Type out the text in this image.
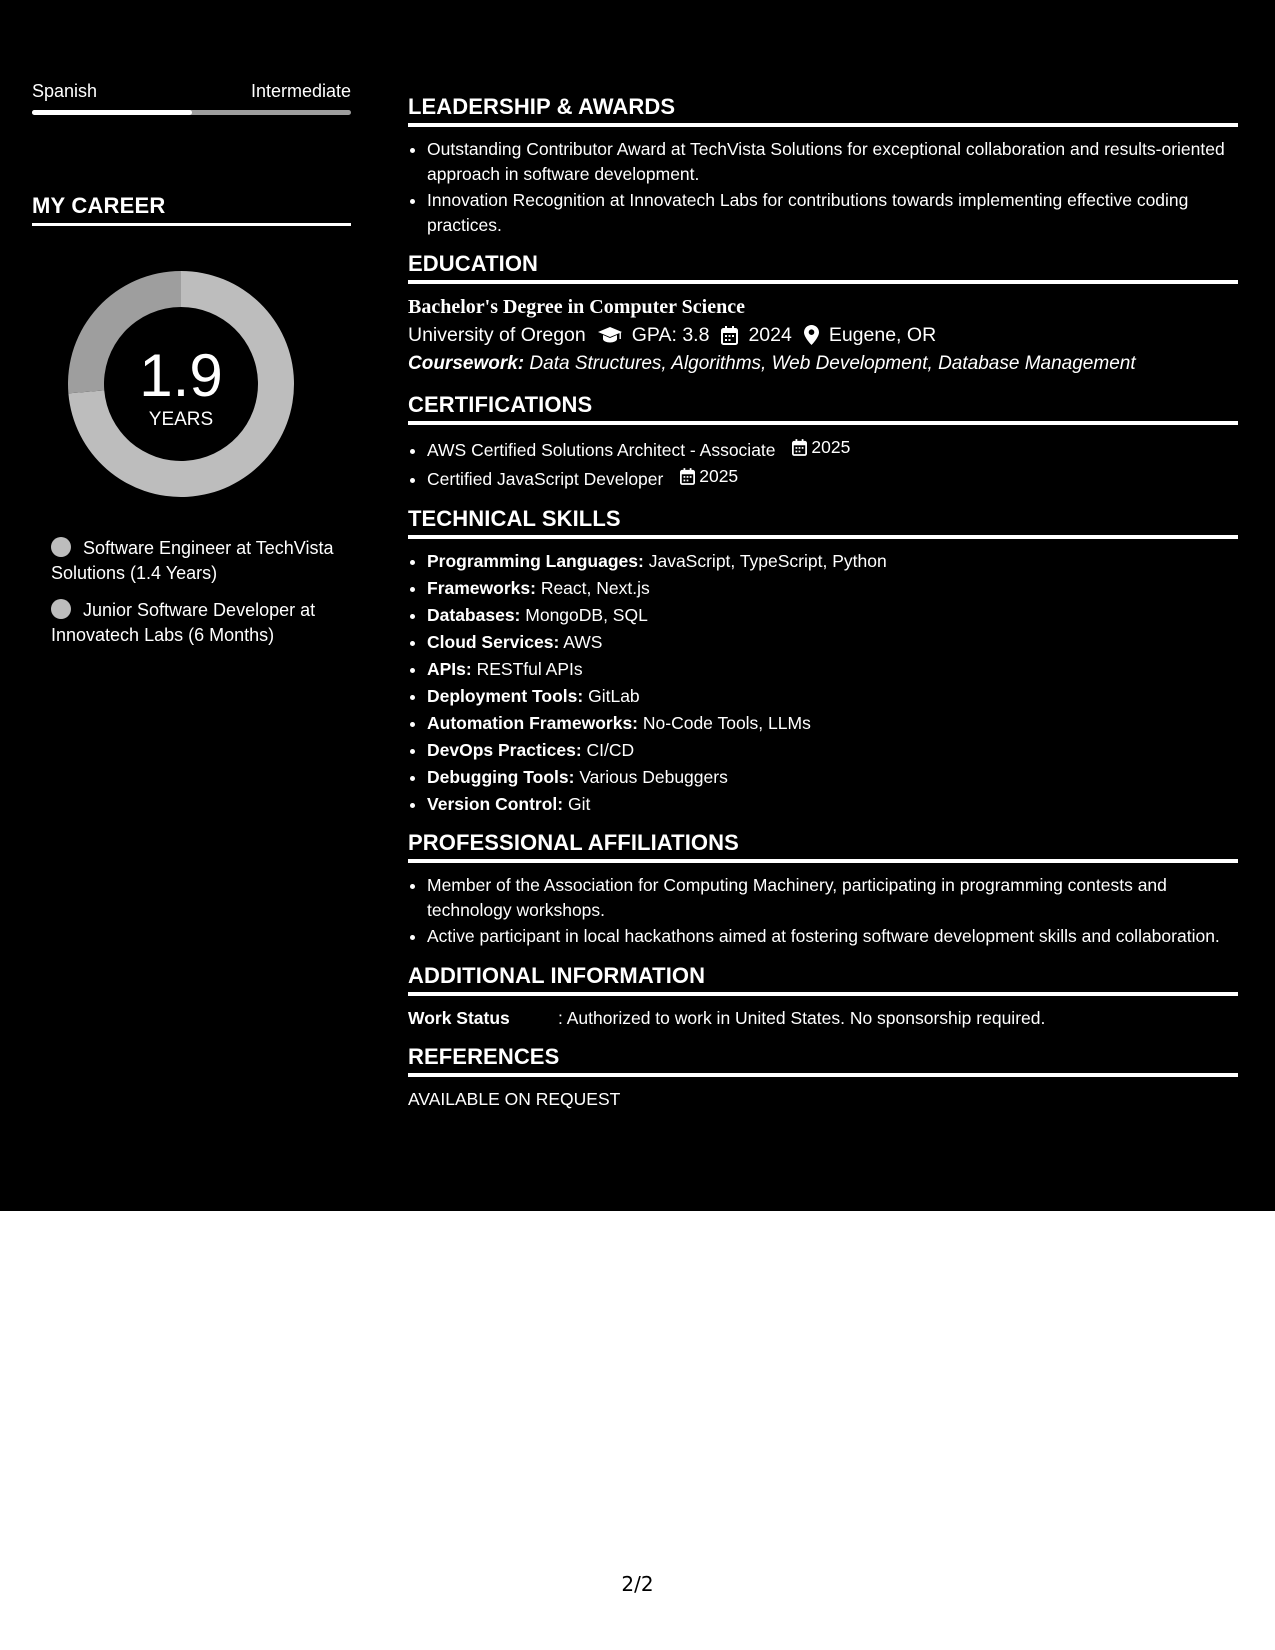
Spanish	Intermediate
MY CAREER
1.9
YEARS
Software Engineer at TechVista Solutions (1.4 Years)
Junior Software Developer at Innovatech Labs (6 Months)
LEADERSHIP & AWARDS
• Outstanding Contributor Award at TechVista Solutions for exceptional collaboration and results-oriented approach in software development.
• Innovation Recognition at Innovatech Labs for contributions towards implementing effective coding practices.
EDUCATION
Bachelor's Degree in Computer Science
University of Oregon GPA: 3.8 2024 Eugene, OR
Coursework: Data Structures, Algorithms, Web Development, Database Management
CERTIFICATIONS
• AWS Certified Solutions Architect - Associate 2025
• Certified JavaScript Developer 2025
TECHNICAL SKILLS
• Programming Languages: JavaScript, TypeScript, Python
• Frameworks: React, Next.js
• Databases: MongoDB, SQL
• Cloud Services: AWS
• APIs: RESTful APIs
• Deployment Tools: GitLab
• Automation Frameworks: No-Code Tools, LLMs
• DevOps Practices: CI/CD
• Debugging Tools: Various Debuggers
• Version Control: Git
PROFESSIONAL AFFILIATIONS
• Member of the Association for Computing Machinery, participating in programming contests and technology workshops.
• Active participant in local hackathons aimed at fostering software development skills and collaboration.
ADDITIONAL INFORMATION
Work Status	: Authorized to work in United States. No sponsorship required.
REFERENCES
AVAILABLE ON REQUEST
2/2
